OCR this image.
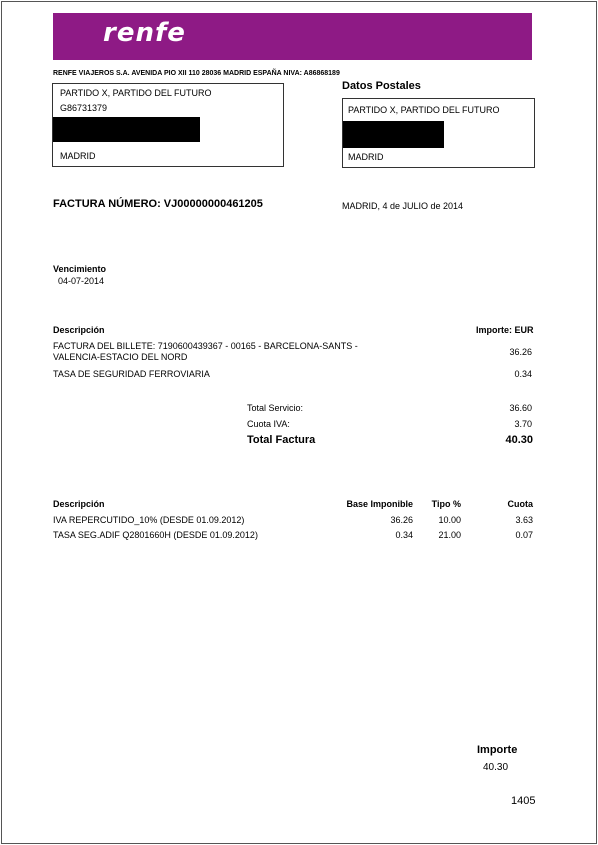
renfe
RENFE VIAJEROS S.A. AVENIDA PIO XII 110 28036 MADRID ESPAÑA NIVA: A86868189
PARTIDO X, PARTIDO DEL FUTURO
G86731379
MADRID
Datos Postales
PARTIDO X, PARTIDO DEL FUTURO
MADRID
FACTURA NÚMERO: VJ00000000461205	MADRID, 4 de JULIO de 2014
Vencimiento
04-07-2014
Descripción	Importe: EUR
FACTURA DEL BILLETE: 7190600439367 - 00165 - BARCELONA-SANTS -
VALENCIA-ESTACIO DEL NORD	36.26
TASA DE SEGURIDAD FERROVIARIA	0.34
Total Servicio:	36.60
Cuota IVA:	3.70
Total Factura	40.30
Descripción	Base Imponible	Tipo %	Cuota
IVA REPERCUTIDO_10% (DESDE 01.09.2012)	36.26	10.00	3.63
TASA SEG.ADIF Q2801660H (DESDE 01.09.2012)	0.34	21.00	0.07
Importe
40.30
1405
